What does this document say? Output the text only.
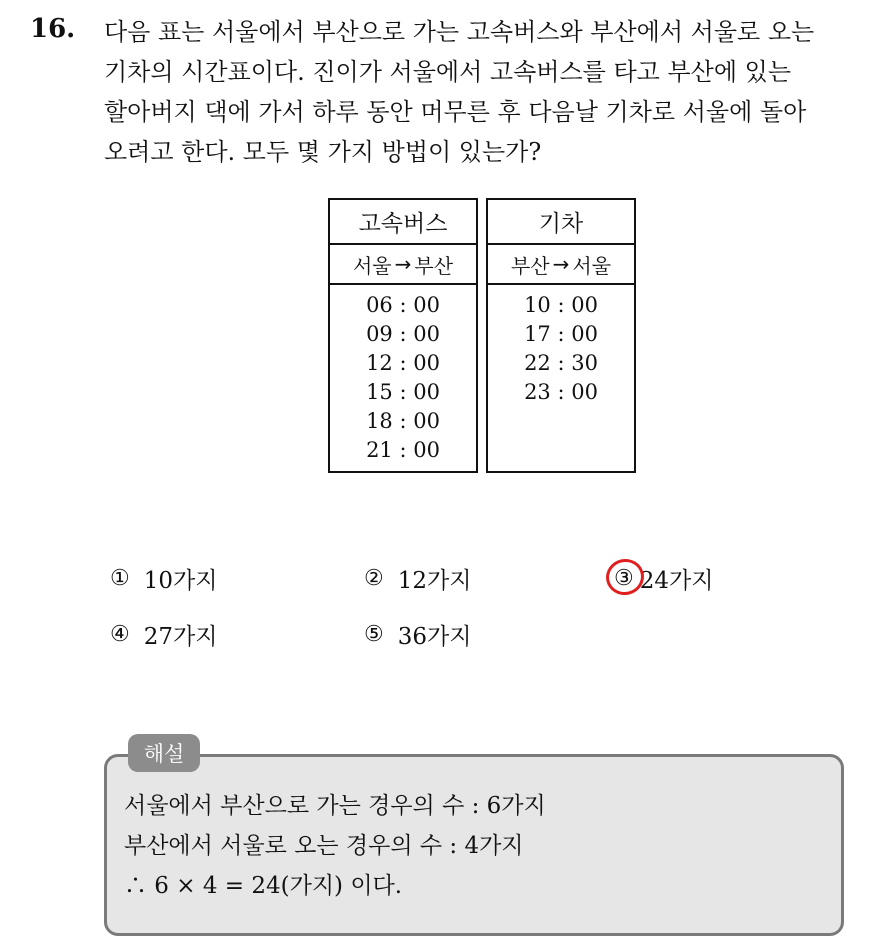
16. 다음 표는 서울에서 부산으로 가는 고속버스와 부산에서 서울로 오는
기차의 시간표이다. 진이가 서울에서 고속버스를 타고 부산에 있는
할아버지 댁에 가서 하루 동안 머무른 후 다음날 기차로 서울에 돌아
오려고 한다. 모두 몇 가지 방법이 있는가?
고속버스
서울 → 부산
06 : 00
09 : 00
12 : 00
15 : 00
18 : 00
21 : 00
기차
부산 → 서울
10 : 00
17 : 00
22 : 30
23 : 00
① 10가지	② 12가지	③ 24가지
④ 27가지	⑤ 36가지
해설
서울에서 부산으로 가는 경우의 수 : 6가지
부산에서 서울로 오는 경우의 수 : 4가지
∴ 6 × 4 = 24(가지) 이다.
